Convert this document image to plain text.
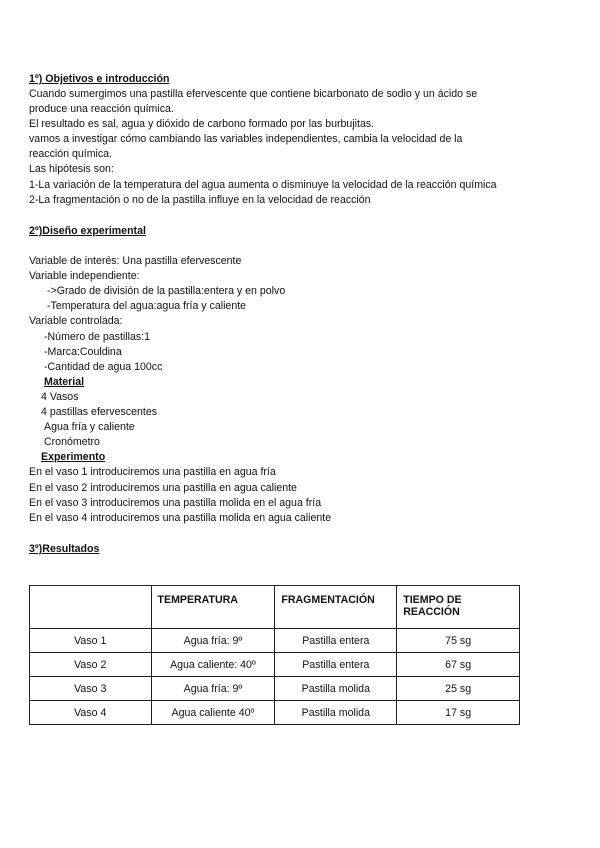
1º) Objetivos e introducción
Cuando sumergimos una pastilla efervescente que contiene bicarbonato de sodio y un ácido se
produce una reacción química.
El resultado es sal, agua y dióxido de carbono formado por las burbujitas.
vamos a investigar cómo cambiando las variables independientes, cambia la velocidad de la
reacción química.
Las hipótesis son:
1-La variación de la temperatura del agua aumenta o disminuye la velocidad de la reacción química
2-La fragmentación o no de la pastilla influye en la velocidad de reacción
2º)Diseño experimental
Variable de interés: Una pastilla efervescente
Variable independiente:
->Grado de división de la pastilla:entera y en polvo
-Temperatura del agua:agua fría y caliente
Variable controlada:
-Número de pastillas:1
-Marca:Couldina
-Cantidad de agua 100cc
Material
4 Vasos
4 pastillas efervescentes
Agua fría y caliente
Cronómetro
Experimento
En el vaso 1 introduciremos una pastilla en agua fría
En el vaso 2 introduciremos una pastilla en agua caliente
En el vaso 3 introduciremos una pastilla molida en el agua fría
En el vaso 4 introduciremos una pastilla molida en agua caliente
3º)Resultados
	TEMPERATURA	FRAGMENTACIÓN	TIEMPO DE REACCIÓN
Vaso 1	Agua fría: 9º	Pastilla entera	75 sg
Vaso 2	Agua caliente: 40º	Pastilla entera	67 sg
Vaso 3	Agua fría: 9º	Pastilla molida	25 sg
Vaso 4	Agua caliente 40º	Pastilla molida	17 sg
